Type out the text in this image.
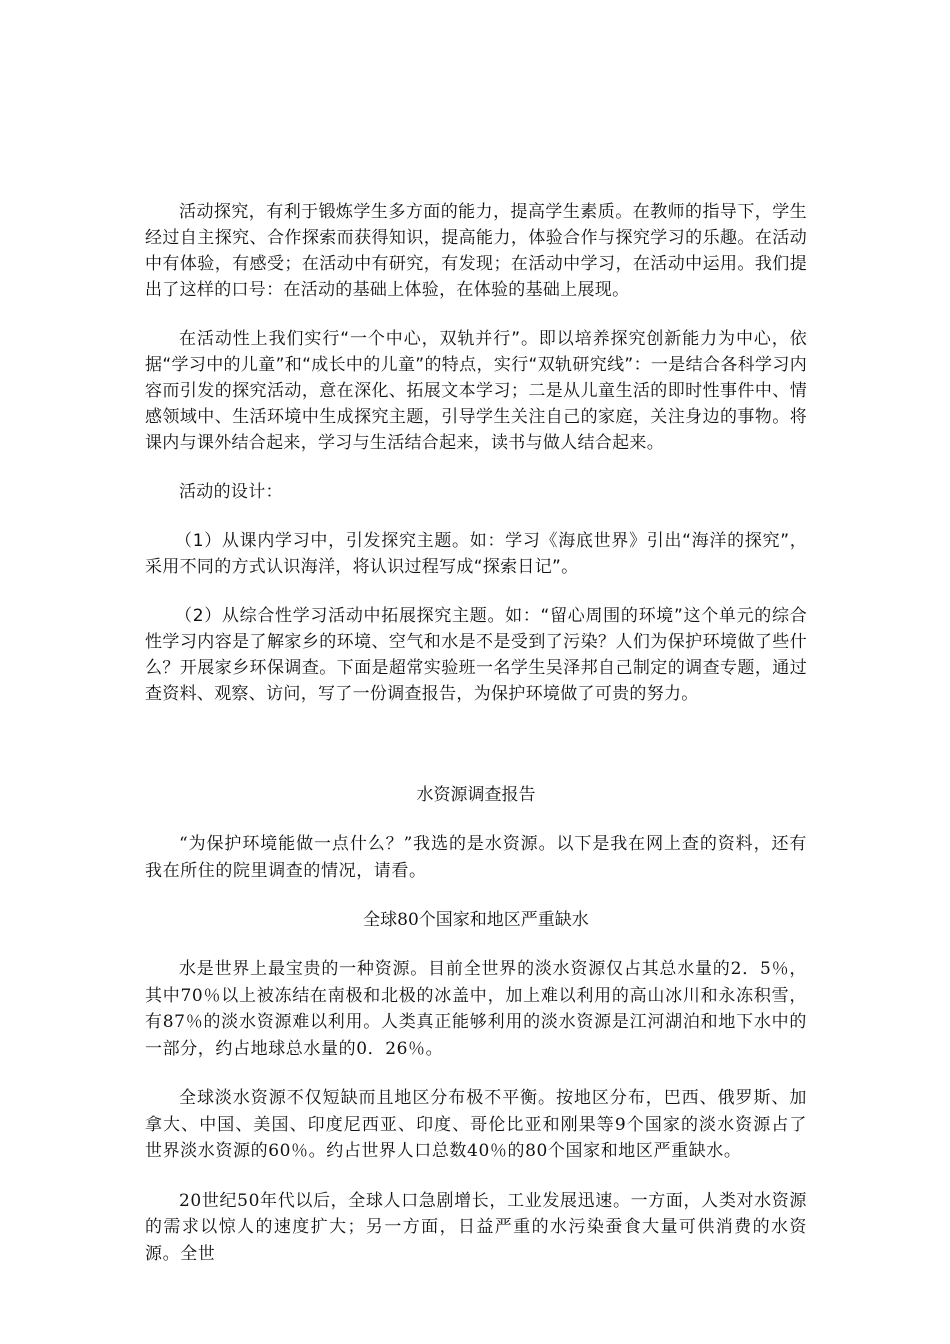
活动探究，有利于锻炼学生多方面的能力，提高学生素质。在教师的指导下，学生经过自主探究、合作探索而获得知识，提高能力，体验合作与探究学习的乐趣。在活动中有体验，有感受；在活动中有研究，有发现；在活动中学习，在活动中运用。我们提出了这样的口号：在活动的基础上体验，在体验的基础上展现。

在活动性上我们实行“一个中心，双轨并行”。即以培养探究创新能力为中心，依据“学习中的儿童”和“成长中的儿童”的特点，实行“双轨研究线”：一是结合各科学习内容而引发的探究活动，意在深化、拓展文本学习；二是从儿童生活的即时性事件中、情感领域中、生活环境中生成探究主题，引导学生关注自己的家庭，关注身边的事物。将课内与课外结合起来，学习与生活结合起来，读书与做人结合起来。

活动的设计：

（1）从课内学习中，引发探究主题。如：学习《海底世界》引出“海洋的探究”，采用不同的方式认识海洋，将认识过程写成“探索日记”。

（2）从综合性学习活动中拓展探究主题。如：“留心周围的环境”这个单元的综合性学习内容是了解家乡的环境、空气和水是不是受到了污染？人们为保护环境做了些什么？开展家乡环保调查。下面是超常实验班一名学生吴泽邦自己制定的调查专题，通过查资料、观察、访问，写了一份调查报告，为保护环境做了可贵的努力。

水资源调查报告

“为保护环境能做一点什么？”我选的是水资源。以下是我在网上查的资料，还有我在所住的院里调查的情况，请看。

全球80个国家和地区严重缺水

水是世界上最宝贵的一种资源。目前全世界的淡水资源仅占其总水量的2．5％，其中70％以上被冻结在南极和北极的冰盖中，加上难以利用的高山冰川和永冻积雪，有87％的淡水资源难以利用。人类真正能够利用的淡水资源是江河湖泊和地下水中的一部分，约占地球总水量的0．26％。

全球淡水资源不仅短缺而且地区分布极不平衡。按地区分布，巴西、俄罗斯、加拿大、中国、美国、印度尼西亚、印度、哥伦比亚和刚果等9个国家的淡水资源占了世界淡水资源的60％。约占世界人口总数40％的80个国家和地区严重缺水。

20世纪50年代以后，全球人口急剧增长，工业发展迅速。一方面，人类对水资源的需求以惊人的速度扩大；另一方面，日益严重的水污染蚕食大量可供消费的水资源。全世
